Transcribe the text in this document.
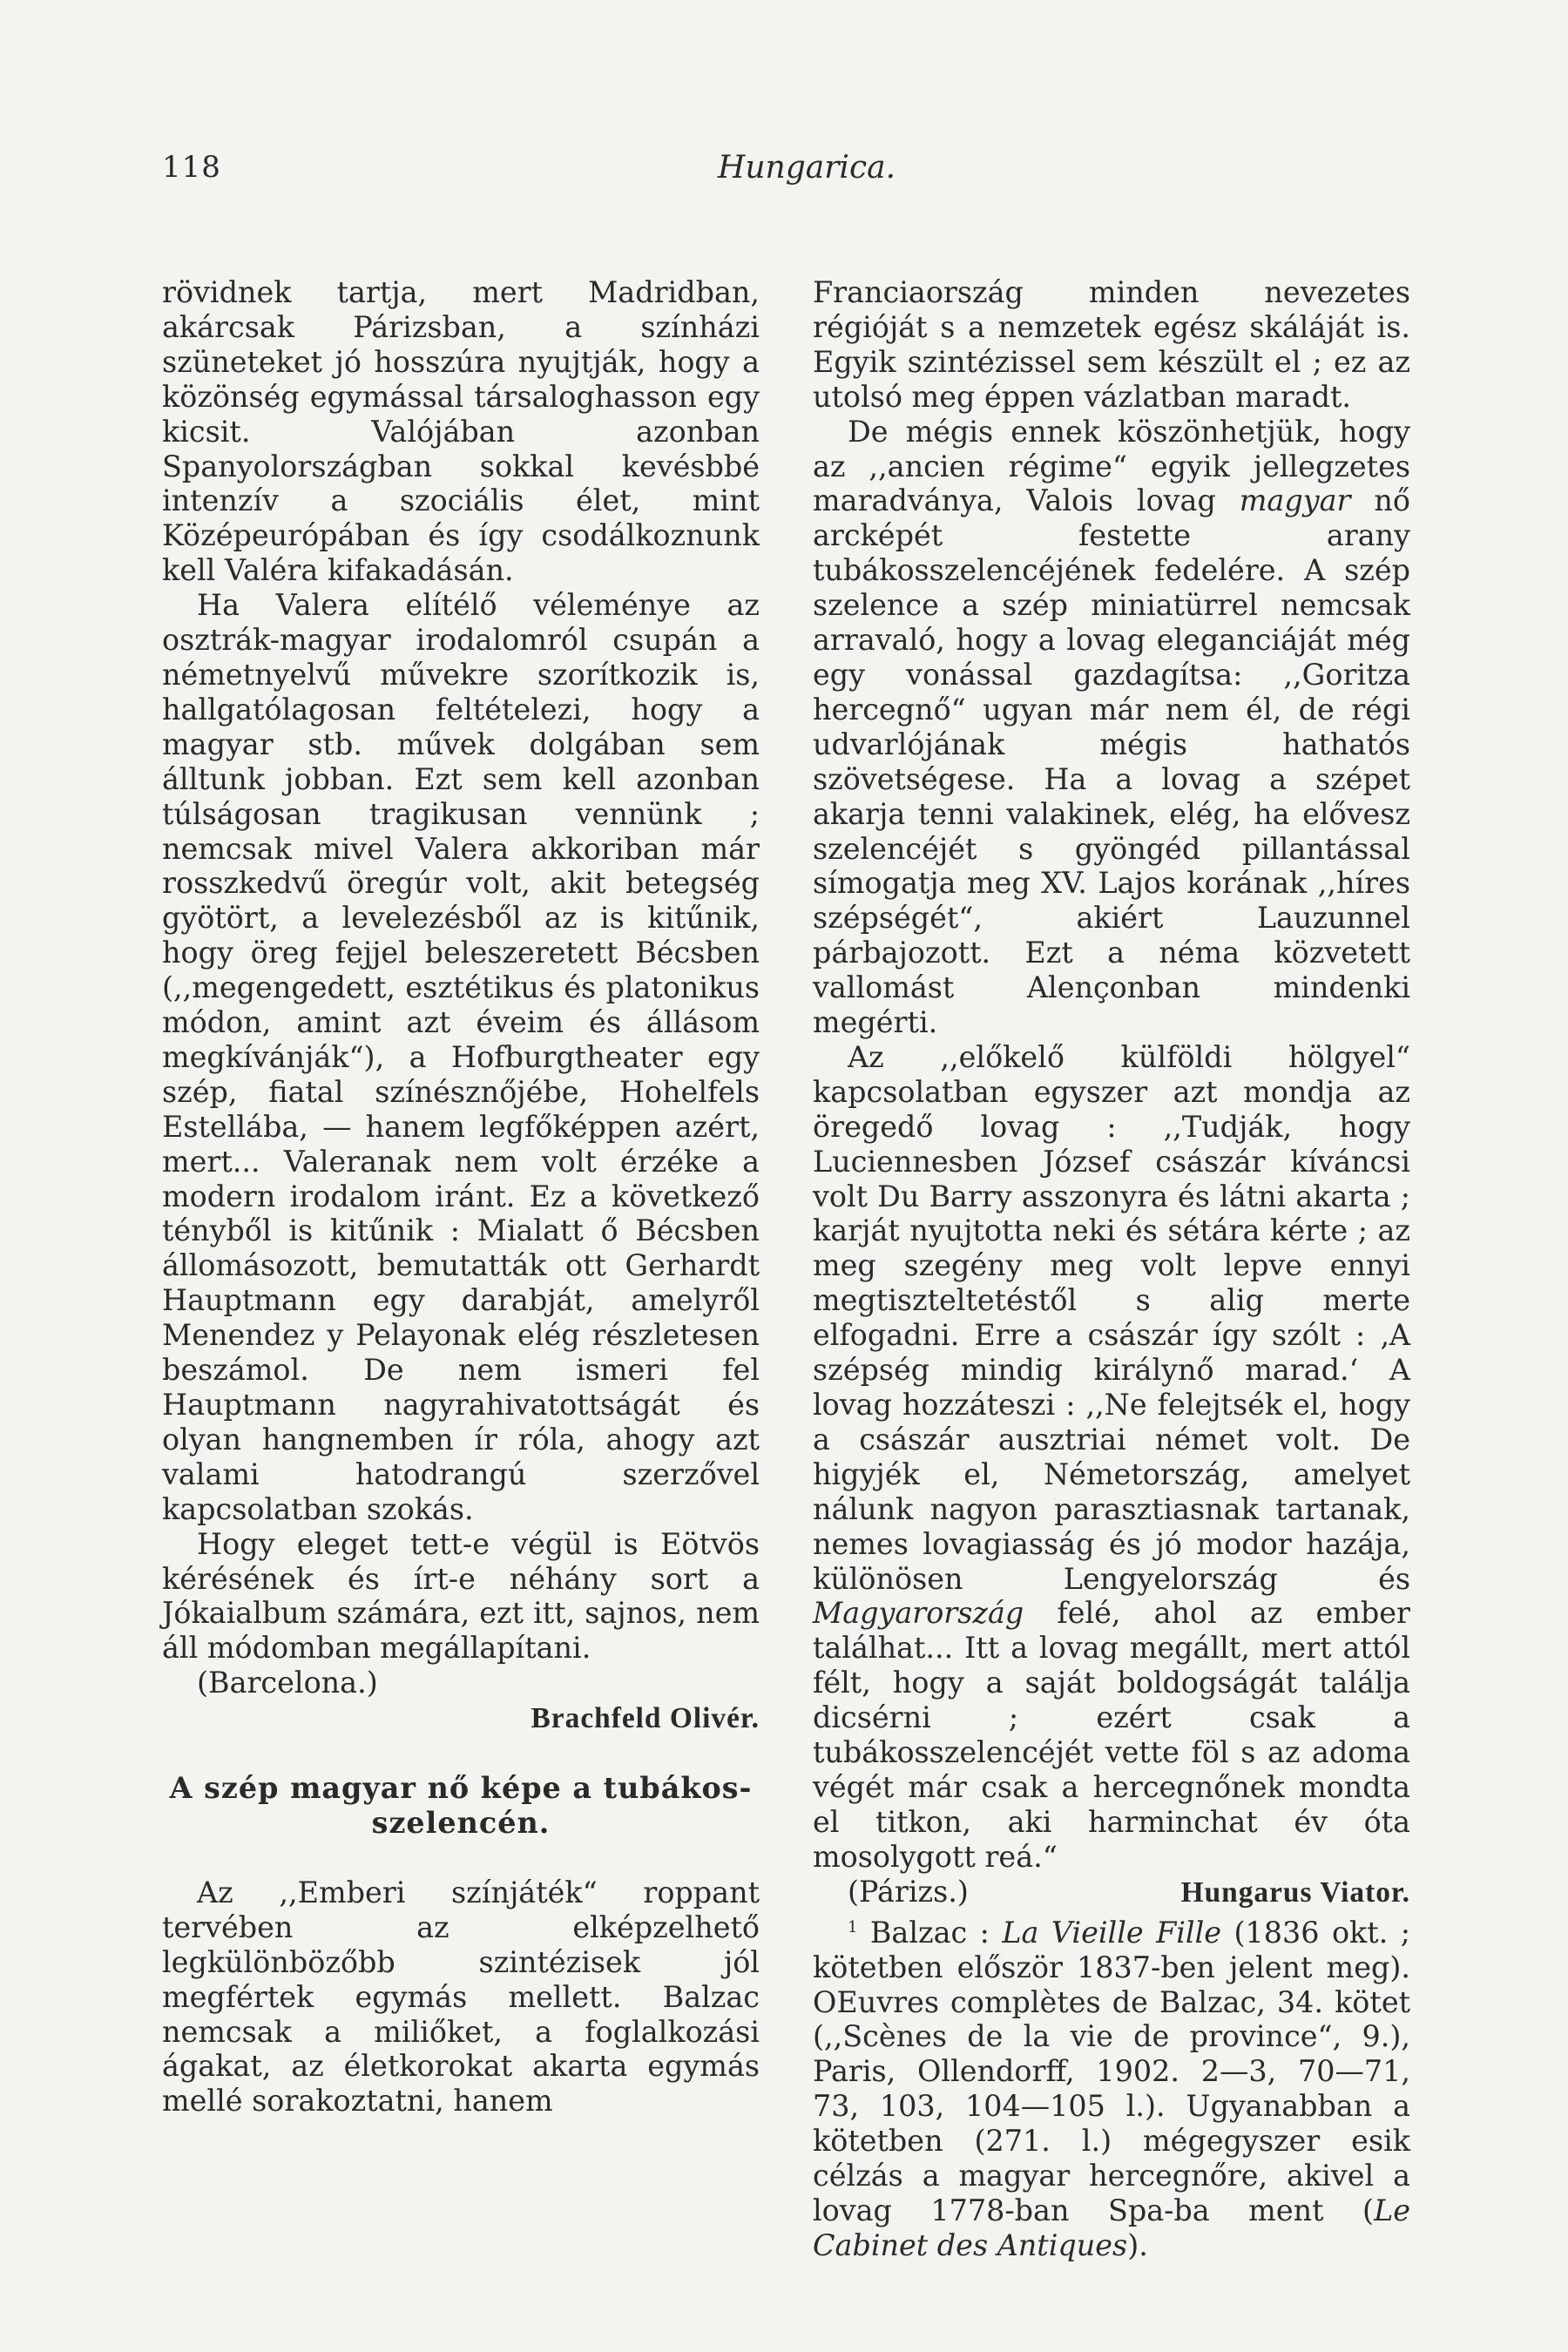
118	Hungarica.

rövidnek tartja, mert Madridban, akárcsak Párizsban, a színházi szüneteket jó hosszúra nyujtják, hogy a közönség egymással társaloghasson egy kicsit. Valójában azonban Spanyolországban sokkal kevésbbé intenzív a szociális élet, mint Középeurópában és így csodálkoznunk kell Valéra kifakadásán.

Ha Valera elítélő véleménye az osztrák-magyar irodalomról csupán a németnyelvű művekre szorítkozik is, hallgatólagosan feltételezi, hogy a magyar stb. művek dolgában sem álltunk jobban. Ezt sem kell azonban túlságosan tragikusan vennünk ; nemcsak mivel Valera akkoriban már rosszkedvű öregúr volt, akit betegség gyötört, a levelezésből az is kitűnik, hogy öreg fejjel beleszeretett Bécsben (,,megengedett, esztétikus és platonikus módon, amint azt éveim és állásom megkívánják“), a Hofburgtheater egy szép, fiatal színésznőjébe, Hohelfels Estellába, — hanem legfőképpen azért, mert... Valeranak nem volt érzéke a modern irodalom iránt. Ez a következő tényből is kitűnik : Mialatt ő Bécsben állomásozott, bemutatták ott Gerhardt Hauptmann egy darabját, amelyről Menendez y Pelayonak elég részletesen beszámol. De nem ismeri fel Hauptmann nagyrahivatottságát és olyan hangnemben ír róla, ahogy azt valami hatodrangú szerzővel kapcsolatban szokás.

Hogy eleget tett-e végül is Eötvös kérésének és írt-e néhány sort a Jókaialbum számára, ezt itt, sajnos, nem áll módomban megállapítani.

(Barcelona.)

Brachfeld Olivér.
A szép magyar nő képe a tubákos-
szelencén.

Az ,,Emberi színjáték“ roppant tervében az elképzelhető legkülönbözőbb szintézisek jól megfértek egymás mellett. Balzac nemcsak a miliőket, a foglalkozási ágakat, az életkorokat akarta egymás mellé sorakoztatni, hanem

Franciaország minden nevezetes régióját s a nemzetek egész skáláját is. Egyik szintézissel sem készült el ; ez az utolsó meg éppen vázlatban maradt.

De mégis ennek köszönhetjük, hogy az ,,ancien régime“ egyik jellegzetes maradványa, Valois lovag magyar nő arcképét festette arany tubákosszelencéjének fedelére. A szép szelence a szép miniatürrel nemcsak arravaló, hogy a lovag eleganciáját még egy vonással gazdagítsa: ,,Goritza hercegnő“ ugyan már nem él, de régi udvarlójának mégis hathatós szövetségese. Ha a lovag a szépet akarja tenni valakinek, elég, ha elővesz szelencéjét s gyöngéd pillantással símogatja meg XV. Lajos korának ,,híres szépségét“, akiért Lauzunnel párbajozott. Ezt a néma közvetett vallomást Alençonban mindenki megérti.

Az ,,előkelő külföldi hölgyel“ kapcsolatban egyszer azt mondja az öregedő lovag : ,,Tudják, hogy Luciennesben József császár kíváncsi volt Du Barry asszonyra és látni akarta ; karját nyujtotta neki és sétára kérte ; az meg szegény meg volt lepve ennyi megtiszteltetéstől s alig merte elfogadni. Erre a császár így szólt : ‚A szépség mindig királynő marad.‘ A lovag hozzáteszi : ,,Ne felejtsék el, hogy a császár ausztriai német volt. De higyjék el, Németország, amelyet nálunk nagyon parasztiasnak tartanak, nemes lovagiasság és jó modor hazája, különösen Lengyelország és Magyarország felé, ahol az ember találhat... Itt a lovag megállt, mert attól félt, hogy a saját boldogságát találja dicsérni ; ezért csak a tubákosszelencéjét vette föl s az adoma végét már csak a hercegnőnek mondta el titkon, aki harminchat év óta mosolygott reá.“

(Párizs.)	Hungarus Viator.

$^1$ Balzac : La Vieille Fille (1836 okt. ; kötetben először 1837-ben jelent meg). OEuvres complètes de Balzac, 34. kötet (,,Scènes de la vie de province“, 9.), Paris, Ollendorff, 1902. 2—3, 70—71, 73, 103, 104—105 l.). Ugyanabban a kötetben (271. l.) mégegyszer esik célzás a magyar hercegnőre, akivel a lovag 1778-ban Spa-ba ment (Le Cabinet des Antiques).
